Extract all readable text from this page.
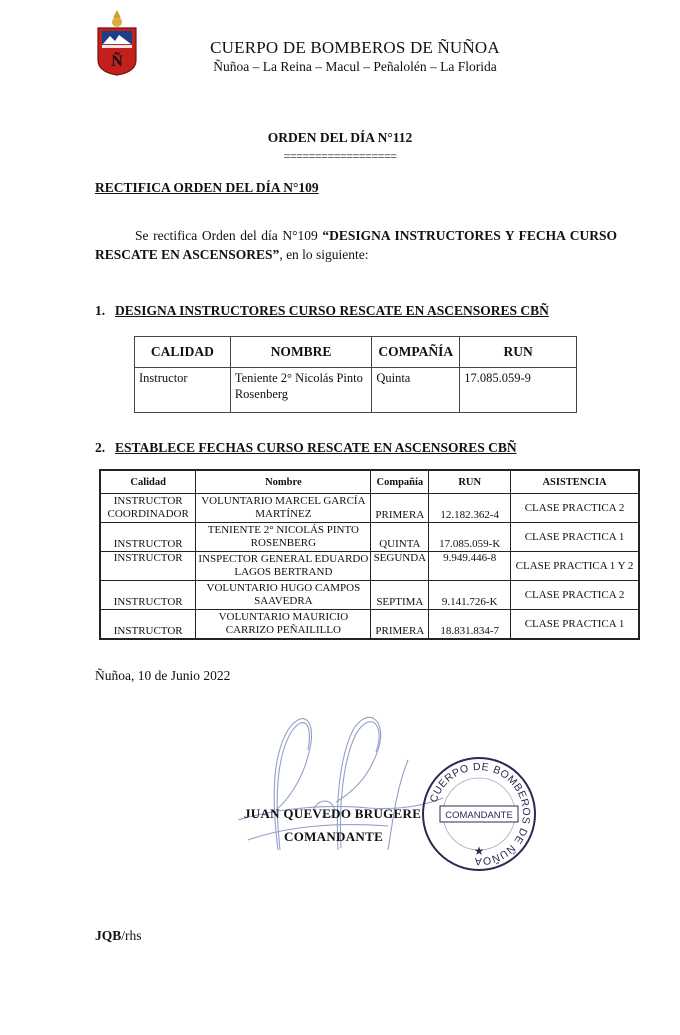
Ñ
CUERPO DE BOMBEROS DE ÑUÑOA
Ñuñoa – La Reina – Macul – Peñalolén – La Florida
ORDEN DEL DÍA N°112
==================
RECTIFICA ORDEN DEL DÍA N°109
Se rectifica Orden del día N°109 “DESIGNA INSTRUCTORES Y FECHA CURSO RESCATE EN ASCENSORES”, en lo siguiente:
1. DESIGNA INSTRUCTORES CURSO RESCATE EN ASCENSORES CBÑ
CALIDAD	NOMBRE	COMPAÑÍA	RUN
Instructor	Teniente 2° Nicolás Pinto Rosenberg	Quinta	17.085.059-9
2. ESTABLECE FECHAS CURSO RESCATE EN ASCENSORES CBÑ
Calidad	Nombre	Compañía	RUN	ASISTENCIA
INSTRUCTOR COORDINADOR	VOLUNTARIO MARCEL GARCÍA MARTÍNEZ	PRIMERA	12.182.362-4	CLASE PRACTICA 2
INSTRUCTOR	TENIENTE 2° NICOLÁS PINTO ROSENBERG	QUINTA	17.085.059-K	CLASE PRACTICA 1
INSTRUCTOR	INSPECTOR GENERAL EDUARDO LAGOS BERTRAND	SEGUNDA	9.949.446-8	CLASE PRACTICA 1 Y 2
INSTRUCTOR	VOLUNTARIO HUGO CAMPOS SAAVEDRA	SEPTIMA	9.141.726-K	CLASE PRACTICA 2
INSTRUCTOR	VOLUNTARIO MAURICIO CARRIZO PEÑAILILLO	PRIMERA	18.831.834-7	CLASE PRACTICA 1
Ñuñoa, 10 de Junio 2022
JUAN QUEVEDO BRUGERE
COMANDANTE
CUERPO DE BOMBEROS DE ÑUÑOA
COMANDANTE
★
JQB/rhs
